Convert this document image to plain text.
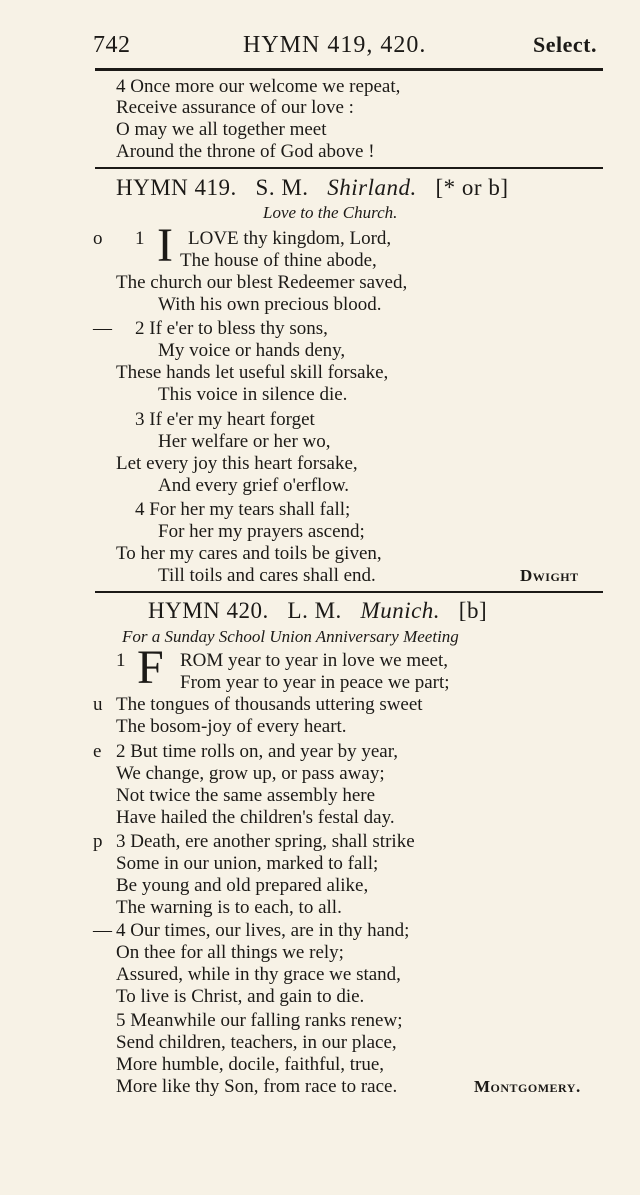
742	HYMN 419, 420.	Select.
4 Once more our welcome we repeat,
Receive assurance of our love :
O may we all together meet
Around the throne of God above !
HYMN 419. S. M. Shirland. [* or b]
Love to the Church.
o 1 I LOVE thy kingdom, Lord,
The house of thine abode,
The church our blest Redeemer saved,
With his own precious blood.
— 2 If e'er to bless thy sons,
My voice or hands deny,
These hands let useful skill forsake,
This voice in silence die.
3 If e'er my heart forget
Her welfare or her wo,
Let every joy this heart forsake,
And every grief o'erflow.
4 For her my tears shall fall;
For her my prayers ascend;
To her my cares and toils be given,
Till toils and cares shall end.	Dwight
HYMN 420. L. M. Munich. [b]
For a Sunday School Union Anniversary Meeting
1 F ROM year to year in love we meet,
From year to year in peace we part;
u The tongues of thousands uttering sweet
The bosom-joy of every heart.
e 2 But time rolls on, and year by year,
We change, grow up, or pass away;
Not twice the same assembly here
Have hailed the children's festal day.
p 3 Death, ere another spring, shall strike
Some in our union, marked to fall;
Be young and old prepared alike,
The warning is to each, to all.
— 4 Our times, our lives, are in thy hand;
On thee for all things we rely;
Assured, while in thy grace we stand,
To live is Christ, and gain to die.
5 Meanwhile our falling ranks renew;
Send children, teachers, in our place,
More humble, docile, faithful, true,
More like thy Son, from race to race.	Montgomery.
